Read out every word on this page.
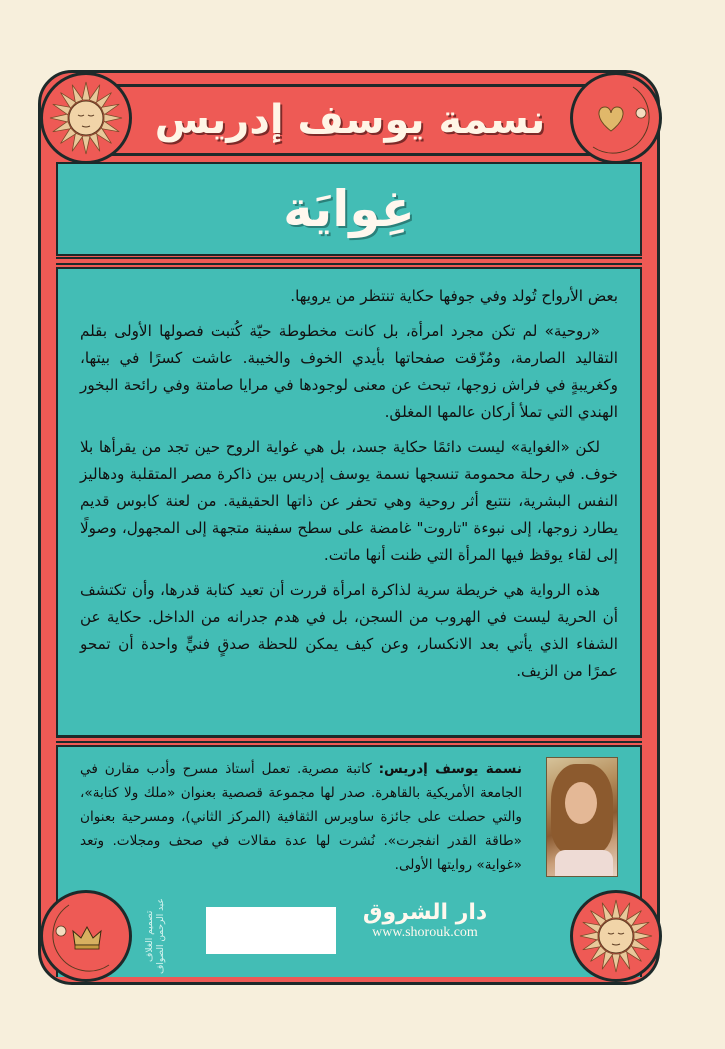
نسمة يوسف إدريس
غِوايَة

بعض الأرواح تُولد وفي جوفها حكاية تنتظر من يرويها.

«روحية» لم تكن مجرد امرأة، بل كانت مخطوطة حيّة كُتبت فصولها الأولى بقلم التقاليد الصارمة، ومُزّقت صفحاتها بأيدي الخوف والخيبة. عاشت كسرًا في بيتها، وكغريبةٍ في فراش زوجها، تبحث عن معنى لوجودها في مرايا صامتة وفي رائحة البخور الهندي التي تملأ أركان عالمها المغلق.

لكن «الغواية» ليست دائمًا حكاية جسد، بل هي غواية الروح حين تجد من يقرأها بلا خوف. في رحلة محمومة تنسجها نسمة يوسف إدريس بين ذاكرة مصر المتقلبة ودهاليز النفس البشرية، نتتبع أثر روحية وهي تحفر عن ذاتها الحقيقية. من لعنة كابوس قديم يطارد زوجها، إلى نبوءة "تاروت" غامضة على سطح سفينة متجهة إلى المجهول، وصولًا إلى لقاء يوقظ فيها المرأة التي ظنت أنها ماتت.

هذه الرواية هي خريطة سرية لذاكرة امرأة قررت أن تعيد كتابة قدرها، وأن تكتشف أن الحرية ليست في الهروب من السجن، بل في هدم جدرانه من الداخل. حكاية عن الشفاء الذي يأتي بعد الانكسار، وعن كيف يمكن للحظة صدقٍ فنيٍّ واحدة أن تمحو عمرًا من الزيف.

نسمة يوسف إدريس: كاتبة مصرية. تعمل أستاذ مسرح وأدب مقارن في الجامعة الأمريكية بالقاهرة. صدر لها مجموعة قصصية بعنوان «ملك ولا كتابة»، والتي حصلت على جائزة ساويرس الثقافية (المركز الثاني)، ومسرحية بعنوان «طاقة القدر انفجرت». نُشرت لها عدة مقالات في صحف ومجلات. وتعد «غواية» روايتها الأولى.
تصميم الغلاف عبد الرحمن الصواف	دار الشروق
www.shorouk.com
